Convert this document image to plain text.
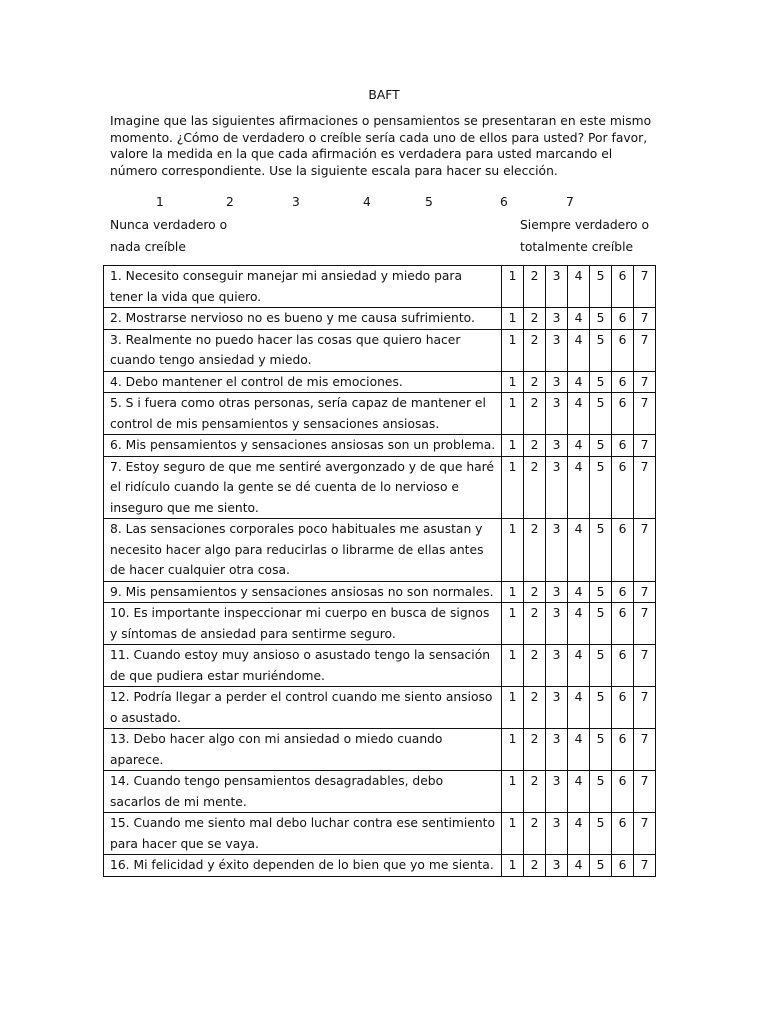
BAFT

Imagine que las siguientes afirmaciones o pensamientos se presentaran en este mismo momento. ¿Cómo de verdadero o creíble sería cada uno de ellos para usted? Por favor, valore la medida en la que cada afirmación es verdadera para usted marcando el número correspondiente. Use la siguiente escala para hacer su elección.

1	2	3	4	5	6	7
Nunca verdadero o
nada creíble
Siempre verdadero o
totalmente creíble
1. Necesito conseguir manejar mi ansiedad y miedo para tener la vida que quiero.	1	2	3	4	5	6	7
2. Mostrarse nervioso no es bueno y me causa sufrimiento.	1	2	3	4	5	6	7
3. Realmente no puedo hacer las cosas que quiero hacer cuando tengo ansiedad y miedo.	1	2	3	4	5	6	7
4. Debo mantener el control de mis emociones.	1	2	3	4	5	6	7
5. S i fuera como otras personas, sería capaz de mantener el control de mis pensamientos y sensaciones ansiosas.	1	2	3	4	5	6	7
6. Mis pensamientos y sensaciones ansiosas son un problema.	1	2	3	4	5	6	7
7. Estoy seguro de que me sentiré avergonzado y de que haré el ridículo cuando la gente se dé cuenta de lo nervioso e inseguro que me siento.	1	2	3	4	5	6	7
8. Las sensaciones corporales poco habituales me asustan y necesito hacer algo para reducirlas o librarme de ellas antes de hacer cualquier otra cosa.	1	2	3	4	5	6	7
9. Mis pensamientos y sensaciones ansiosas no son normales.	1	2	3	4	5	6	7
10. Es importante inspeccionar mi cuerpo en busca de signos y síntomas de ansiedad para sentirme seguro.	1	2	3	4	5	6	7
11. Cuando estoy muy ansioso o asustado tengo la sensación de que pudiera estar muriéndome.	1	2	3	4	5	6	7
12. Podría llegar a perder el control cuando me siento ansioso o asustado.	1	2	3	4	5	6	7
13. Debo hacer algo con mi ansiedad o miedo cuando aparece.	1	2	3	4	5	6	7
14. Cuando tengo pensamientos desagradables, debo sacarlos de mi mente.	1	2	3	4	5	6	7
15. Cuando me siento mal debo luchar contra ese sentimiento para hacer que se vaya.	1	2	3	4	5	6	7
16. Mi felicidad y éxito dependen de lo bien que yo me sienta.	1	2	3	4	5	6	7
